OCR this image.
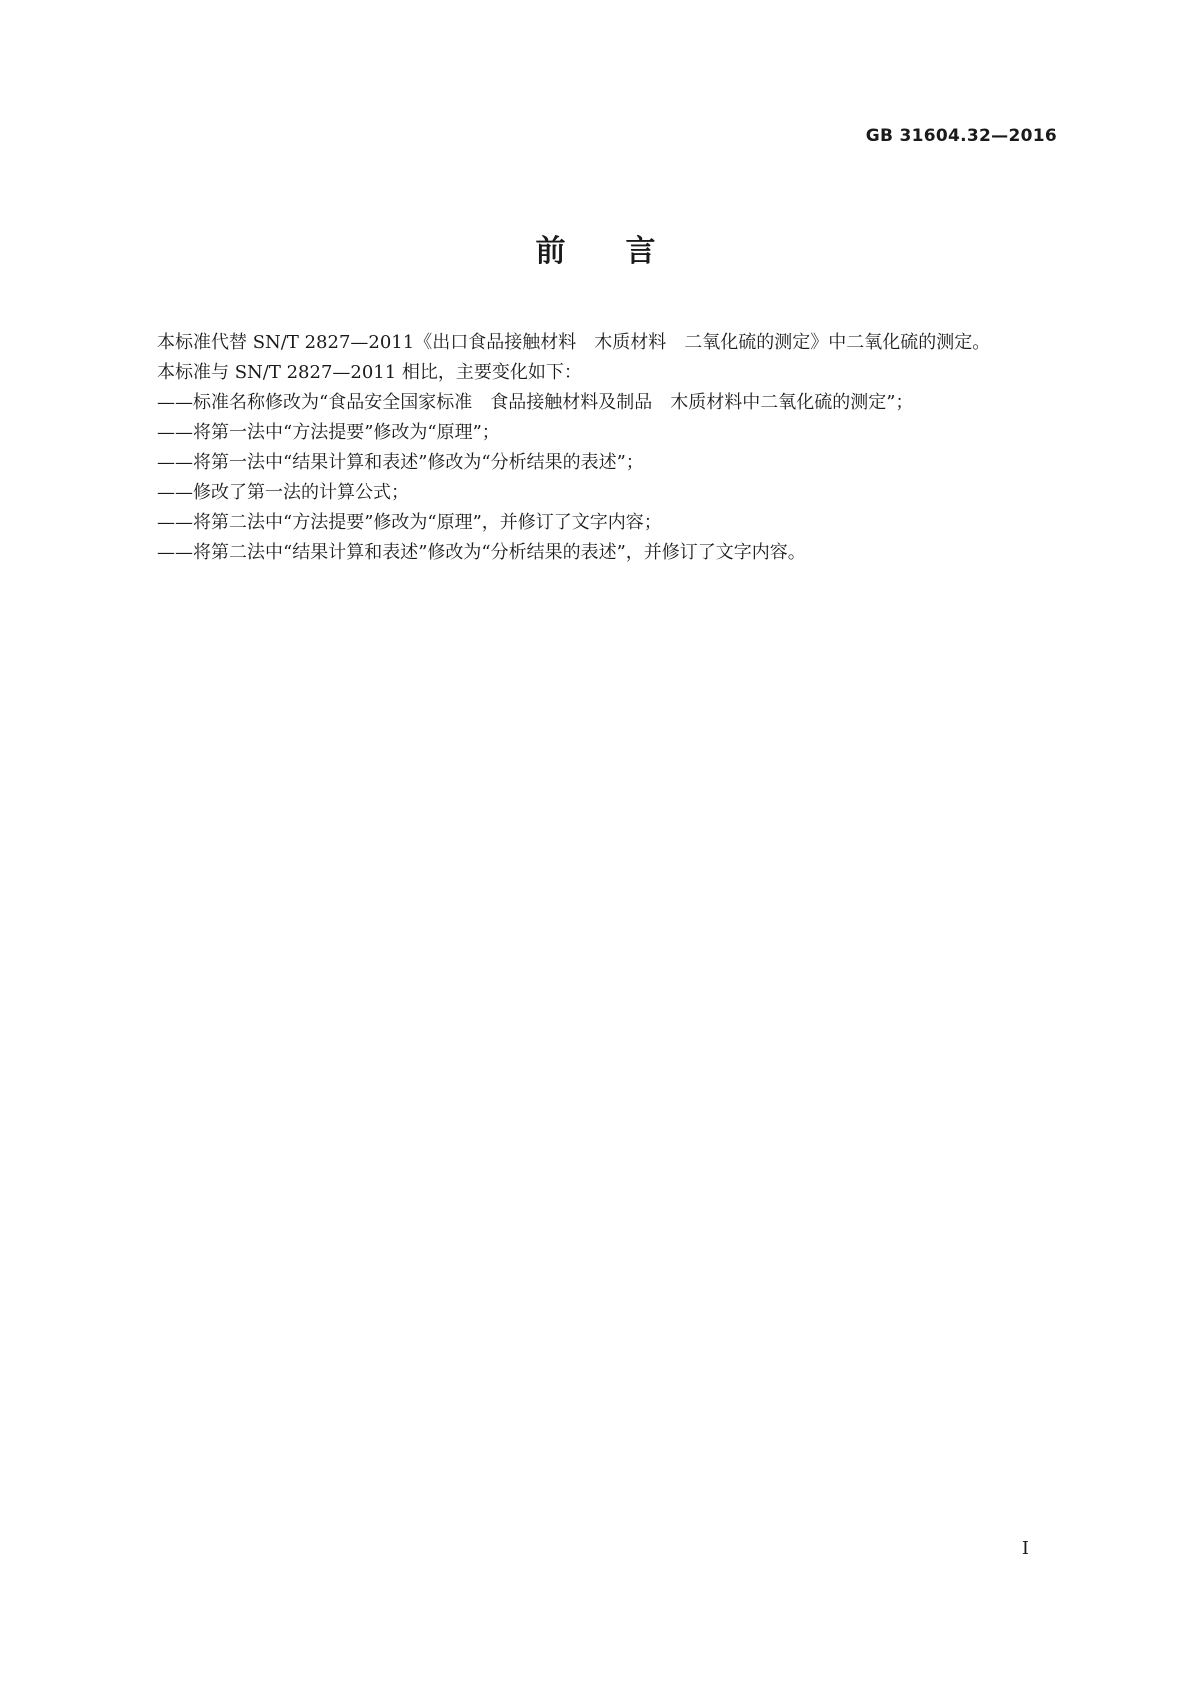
GB 31604.32—2016
前言

本标准代替 SN/T 2827—2011《出口食品接触材料　木质材料　二氧化硫的测定》中二氧化硫的测定。

本标准与 SN/T 2827—2011 相比，主要变化如下：

——标准名称修改为“食品安全国家标准　食品接触材料及制品　木质材料中二氧化硫的测定”；

——将第一法中“方法提要”修改为“原理”；

——将第一法中“结果计算和表述”修改为“分析结果的表述”；

——修改了第一法的计算公式；

——将第二法中“方法提要”修改为“原理”，并修订了文字内容；

——将第二法中“结果计算和表述”修改为“分析结果的表述”，并修订了文字内容。

I
